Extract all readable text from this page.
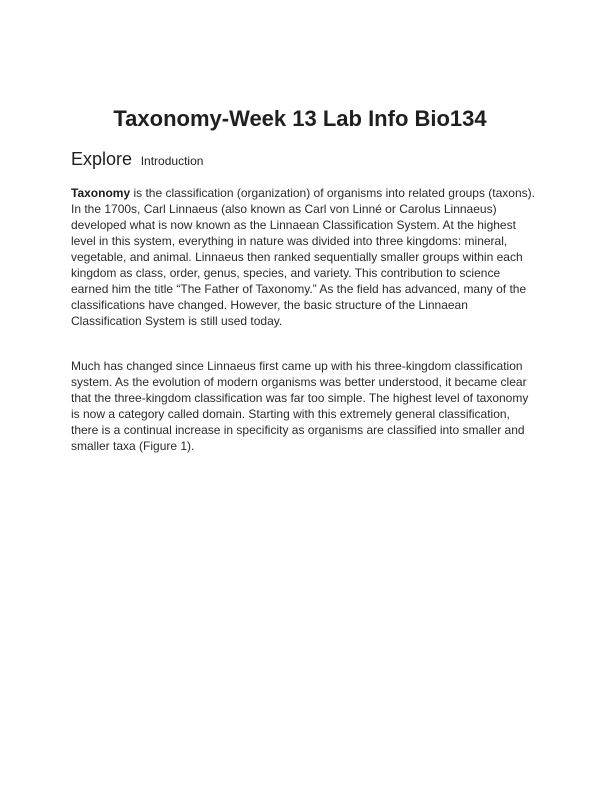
Taxonomy-Week 13 Lab Info Bio134
Explore Introduction

Taxonomy is the classification (organization) of organisms into related groups (taxons).
In the 1700s, Carl Linnaeus (also known as Carl von Linné or Carolus Linnaeus)
developed what is now known as the Linnaean Classification System. At the highest
level in this system, everything in nature was divided into three kingdoms: mineral,
vegetable, and animal. Linnaeus then ranked sequentially smaller groups within each
kingdom as class, order, genus, species, and variety. This contribution to science
earned him the title “The Father of Taxonomy.” As the field has advanced, many of the
classifications have changed. However, the basic structure of the Linnaean
Classification System is still used today.

Much has changed since Linnaeus first came up with his three-kingdom classification
system. As the evolution of modern organisms was better understood, it became clear
that the three-kingdom classification was far too simple. The highest level of taxonomy
is now a category called domain. Starting with this extremely general classification,
there is a continual increase in specificity as organisms are classified into smaller and
smaller taxa (Figure 1).
